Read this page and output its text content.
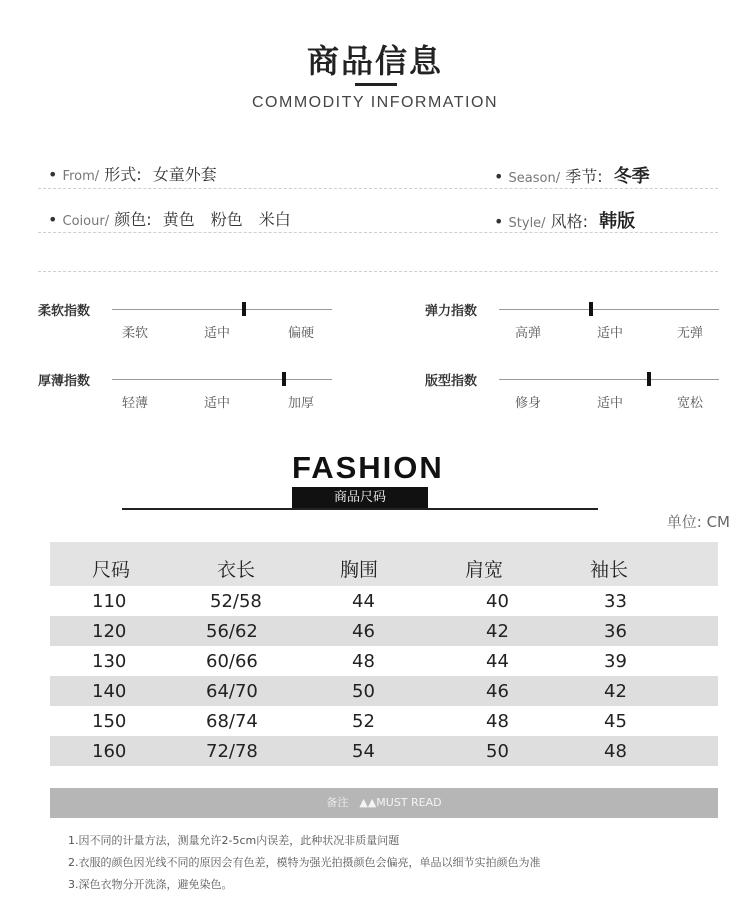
商品信息
COMMODITY INFORMATION
• From/ 形式: 女童外套	• Season/ 季节: 冬季
• Coiour/ 颜色: 黄色　粉色　米白	• Style/ 风格: 韩版
柔软指数
柔软	适中	偏硬
弹力指数
高弹	适中	无弹
厚薄指数
轻薄	适中	加厚
版型指数
修身	适中	宽松
FASHION
商品尺码
单位: CM
尺码	衣长	胸围	肩宽	袖长
110	52/58	44	40	33
120	56/62	46	42	36
130	60/66	48	44	39
140	64/70	50	46	42
150	68/74	52	48	45
160	72/78	54	50	48
备注　▲▲MUST READ
1.因不同的计量方法，测量允许2-5cm内误差，此种状况非质量问题
2.衣服的颜色因光线不同的原因会有色差，模特为强光拍摄颜色会偏亮，单品以细节实拍颜色为准
3.深色衣物分开洗涤，避免染色。
